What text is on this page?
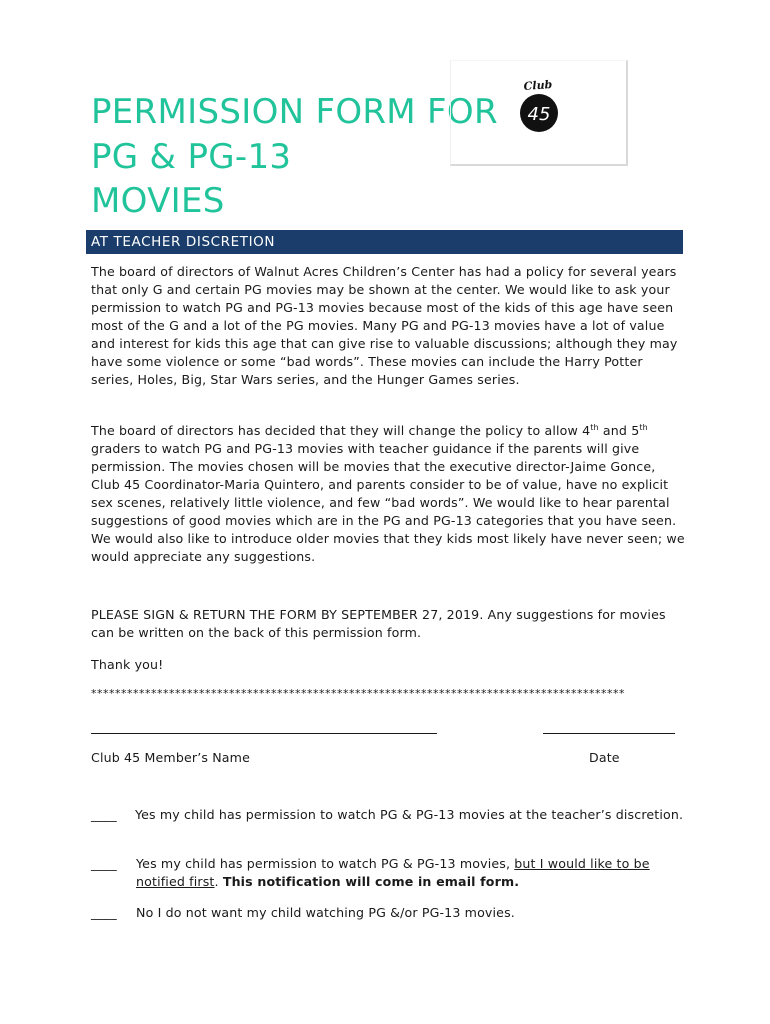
PERMISSION FORM FOR
PG & PG-13
MOVIES
Club
45
AT TEACHER DISCRETION

The board of directors of Walnut Acres Children’s Center has had a policy for several years that only G and certain PG movies may be shown at the center. We would like to ask your permission to watch PG and PG-13 movies because most of the kids of this age have seen most of the G and a lot of the PG movies. Many PG and PG-13 movies have a lot of value and interest for kids this age that can give rise to valuable discussions; although they may have some violence or some “bad words”. These movies can include the Harry Potter series, Holes, Big, Star Wars series, and the Hunger Games series.

The board of directors has decided that they will change the policy to allow 4th and 5th graders to watch PG and PG-13 movies with teacher guidance if the parents will give permission. The movies chosen will be movies that the executive director-Jaime Gonce, Club 45 Coordinator-Maria Quintero, and parents consider to be of value, have no explicit sex scenes, relatively little violence, and few “bad words”. We would like to hear parental suggestions of good movies which are in the PG and PG-13 categories that you have seen. We would also like to introduce older movies that they kids most likely have never seen; we would appreciate any suggestions.

PLEASE SIGN & RETURN THE FORM BY SEPTEMBER 27, 2019. Any suggestions for movies can be written on the back of this permission form.

Thank you!

*****************************************************************************************
Club 45 Member’s Name	Date
____ Yes my child has permission to watch PG & PG-13 movies at the teacher’s discretion.
____ Yes my child has permission to watch PG & PG-13 movies, but I would like to be notified first. This notification will come in email form.
____ No I do not want my child watching PG &/or PG-13 movies.
